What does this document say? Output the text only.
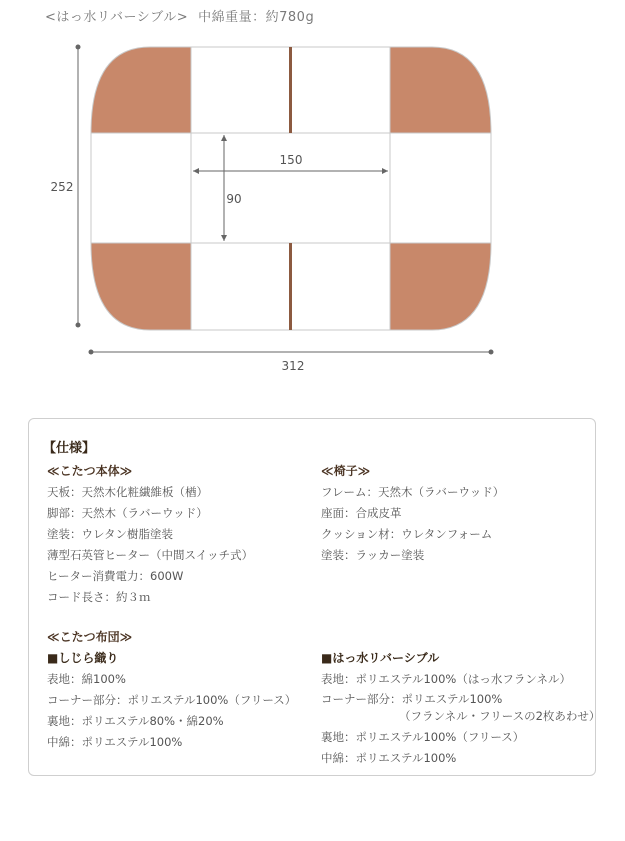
<はっ水リバーシブル> 中綿重量：約780g
150
90
252
312
【仕様】
≪こたつ本体≫
天板：天然木化粧繊維板（楢）
脚部：天然木（ラバーウッド）
塗装：ウレタン樹脂塗装
薄型石英管ヒーター（中間スイッチ式）
ヒーター消費電力：600W
コード長さ：約３ｍ
≪こたつ布団≫
■しじら織り
表地：綿100%
コーナー部分：ポリエステル100%（フリース）
裏地：ポリエステル80%・綿20%
中綿：ポリエステル100%
≪椅子≫
フレーム：天然木（ラバーウッド）
座面：合成皮革
クッション材：ウレタンフォーム
塗装：ラッカー塗装
■はっ水リバーシブル
表地：ポリエステル100%（はっ水フランネル）
コーナー部分：ポリエステル100%
（フランネル・フリースの2枚あわせ）
裏地：ポリエステル100%（フリース）
中綿：ポリエステル100%
